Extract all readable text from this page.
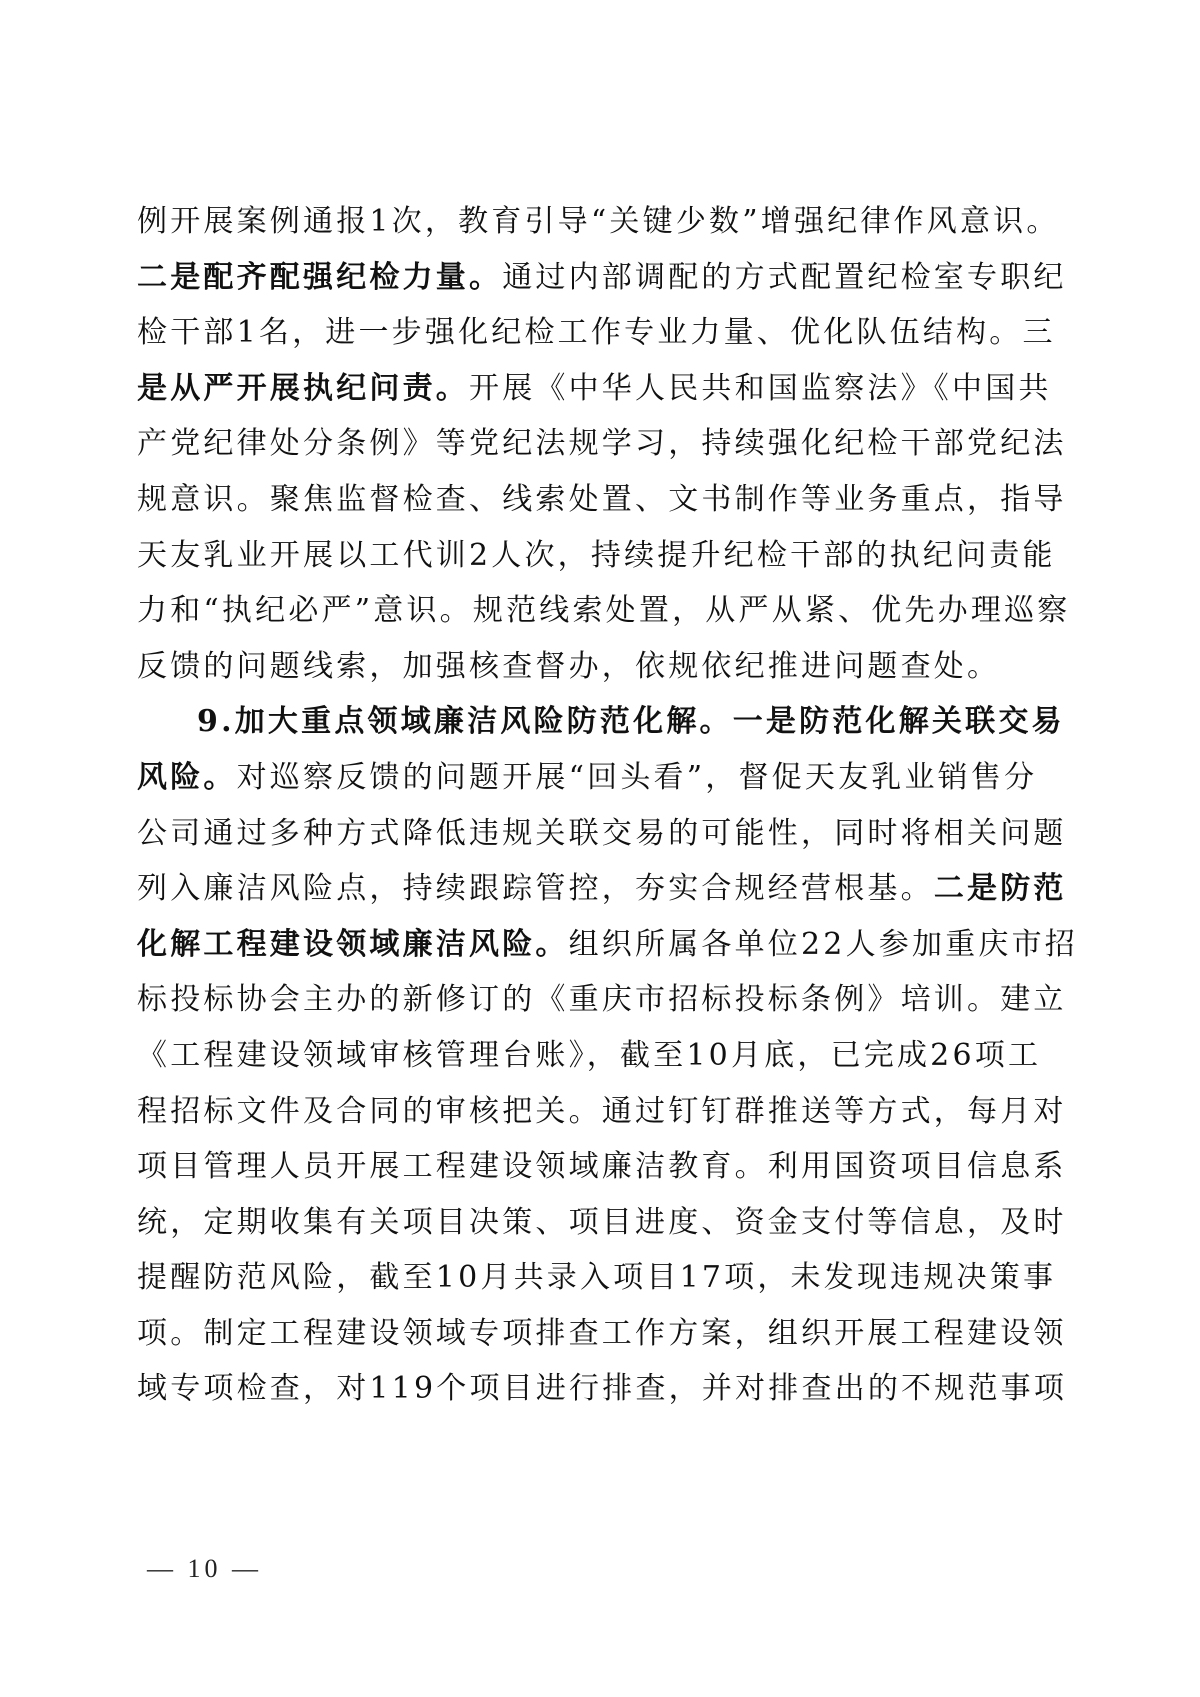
例开展案例通报1次，教育引导“关键少数”增强纪律作风意识。
二是配齐配强纪检力量。通过内部调配的方式配置纪检室专职纪
检干部1名，进一步强化纪检工作专业力量、优化队伍结构。三
是从严开展执纪问责。开展《中华人民共和国监察法》《中国共
产党纪律处分条例》等党纪法规学习，持续强化纪检干部党纪法
规意识。聚焦监督检查、线索处置、文书制作等业务重点，指导
天友乳业开展以工代训2人次，持续提升纪检干部的执纪问责能
力和“执纪必严”意识。规范线索处置，从严从紧、优先办理巡察
反馈的问题线索，加强核查督办，依规依纪推进问题查处。
9.加大重点领域廉洁风险防范化解。一是防范化解关联交易
风险。对巡察反馈的问题开展“回头看”，督促天友乳业销售分
公司通过多种方式降低违规关联交易的可能性，同时将相关问题
列入廉洁风险点，持续跟踪管控，夯实合规经营根基。二是防范
化解工程建设领域廉洁风险。组织所属各单位22人参加重庆市招
标投标协会主办的新修订的《重庆市招标投标条例》培训。建立
《工程建设领域审核管理台账》，截至10月底，已完成26项工
程招标文件及合同的审核把关。通过钉钉群推送等方式，每月对
项目管理人员开展工程建设领域廉洁教育。利用国资项目信息系
统，定期收集有关项目决策、项目进度、资金支付等信息，及时
提醒防范风险，截至10月共录入项目17项，未发现违规决策事
项。制定工程建设领域专项排查工作方案，组织开展工程建设领
域专项检查，对119个项目进行排查，并对排查出的不规范事项
— 10 —
